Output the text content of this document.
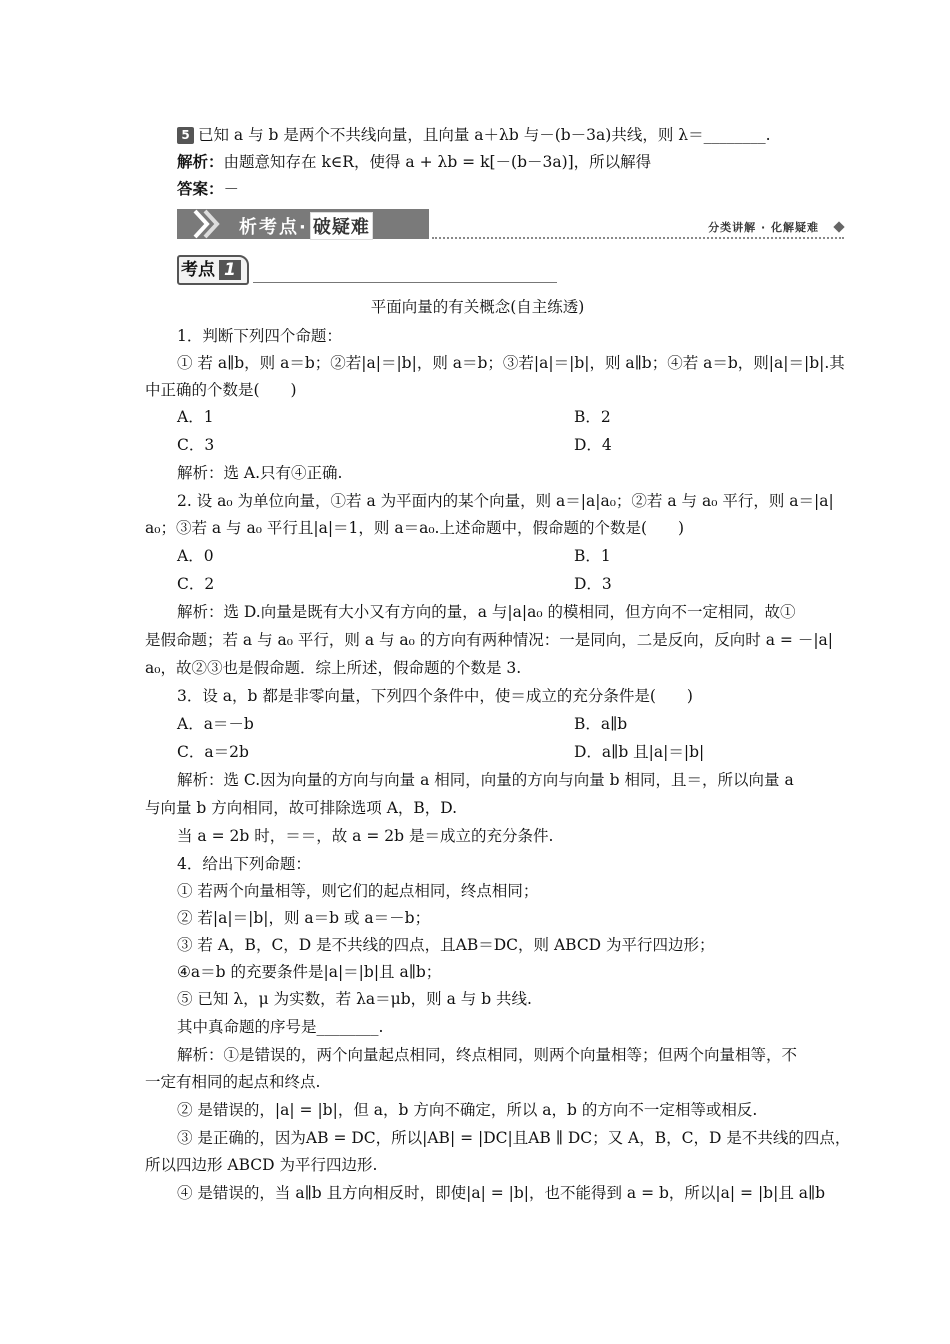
5 已知 a 与 b 是两个不共线向量，且向量 a＋λb 与－(b－3a)共线，则 λ＝________.
解析：由题意知存在 k∈R，使得 a + λb = k[－(b－3a)]，所以解得
答案：－
析考点· 破疑难	分类讲解 · 化解疑难
考点 1
平面向量的有关概念(自主练透)
1．判断下列四个命题：
① 若 a∥b，则 a＝b；②若|a|＝|b|，则 a＝b；③若|a|＝|b|，则 a∥b；④若 a＝b，则|a|＝|b|.其
中正确的个数是(　　)
A．1	B．2
C．3	D．4
解析：选 A.只有④正确.
2. 设 a₀ 为单位向量，①若 a 为平面内的某个向量，则 a＝|a|a₀；②若 a 与 a₀ 平行，则 a＝|a|
a₀；③若 a 与 a₀ 平行且|a|＝1，则 a＝a₀.上述命题中，假命题的个数是(　　)
A．0	B．1
C．2	D．3
解析：选 D.向量是既有大小又有方向的量，a 与|a|a₀ 的模相同，但方向不一定相同，故①
是假命题；若 a 与 a₀ 平行，则 a 与 a₀ 的方向有两种情况：一是同向，二是反向，反向时 a = －|a|
a₀，故②③也是假命题．综上所述，假命题的个数是 3.
3．设 a，b 都是非零向量，下列四个条件中，使＝成立的充分条件是(　　)
A．a＝－b	B．a∥b
C．a＝2b	D．a∥b 且|a|＝|b|
解析：选 C.因为向量的方向与向量 a 相同，向量的方向与向量 b 相同，且＝，所以向量 a
与向量 b 方向相同，故可排除选项 A，B，D.
当 a = 2b 时，＝＝，故 a = 2b 是＝成立的充分条件.
4．给出下列命题：
① 若两个向量相等，则它们的起点相同，终点相同；
② 若|a|＝|b|，则 a＝b 或 a＝－b；
③ 若 A，B，C，D 是不共线的四点，且AB＝DC，则 ABCD 为平行四边形；
④a＝b 的充要条件是|a|＝|b|且 a∥b；
⑤ 已知 λ，μ 为实数，若 λa＝μb，则 a 与 b 共线.
其中真命题的序号是________.
解析：①是错误的，两个向量起点相同，终点相同，则两个向量相等；但两个向量相等，不
一定有相同的起点和终点.
② 是错误的，|a| = |b|，但 a，b 方向不确定，所以 a，b 的方向不一定相等或相反.
③ 是正确的，因为AB = DC，所以|AB| = |DC|且AB ∥ DC；又 A，B，C，D 是不共线的四点，
所以四边形 ABCD 为平行四边形.
④ 是错误的，当 a∥b 且方向相反时，即使|a| = |b|，也不能得到 a = b，所以|a| = |b|且 a∥b
